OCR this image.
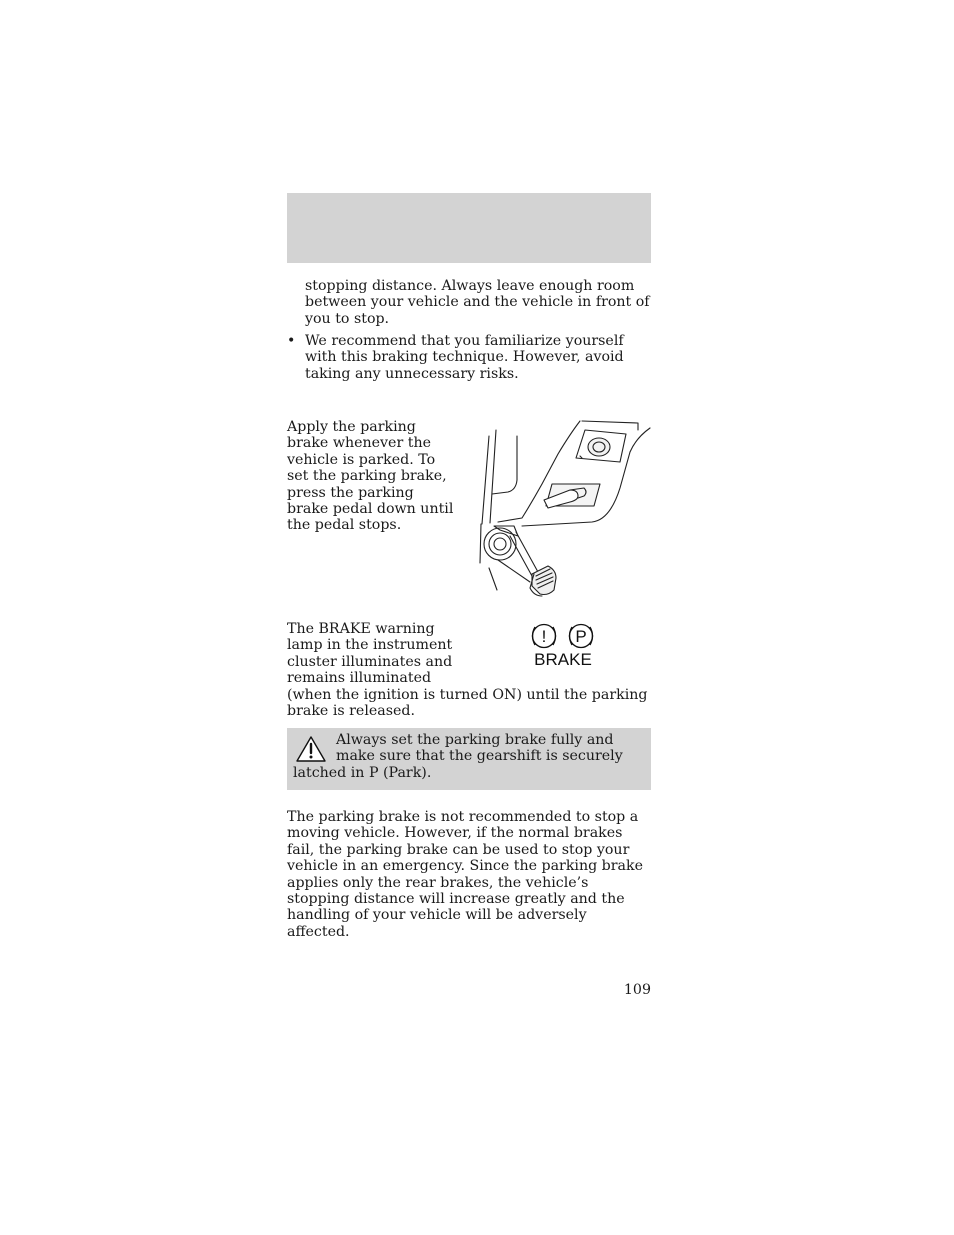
stopping distance. Always leave enough room between your vehicle and the vehicle in front of you to stop.

• We recommend that you familiarize yourself with this braking technique. However, avoid taking any unnecessary risks.

Apply the parking brake whenever the vehicle is parked. To set the parking brake, press the parking brake pedal down until the pedal stops.

The BRAKE warning lamp in the instrument cluster illuminates and remains illuminated

! P
BRAKE

(when the ignition is turned ON) until the parking brake is released.

Always set the parking brake fully and make sure that the gearshift is securely latched in P (Park).

The parking brake is not recommended to stop a moving vehicle. However, if the normal brakes fail, the parking brake can be used to stop your vehicle in an emergency. Since the parking brake applies only the rear brakes, the vehicle’s stopping distance will increase greatly and the handling of your vehicle will be adversely affected.

109
